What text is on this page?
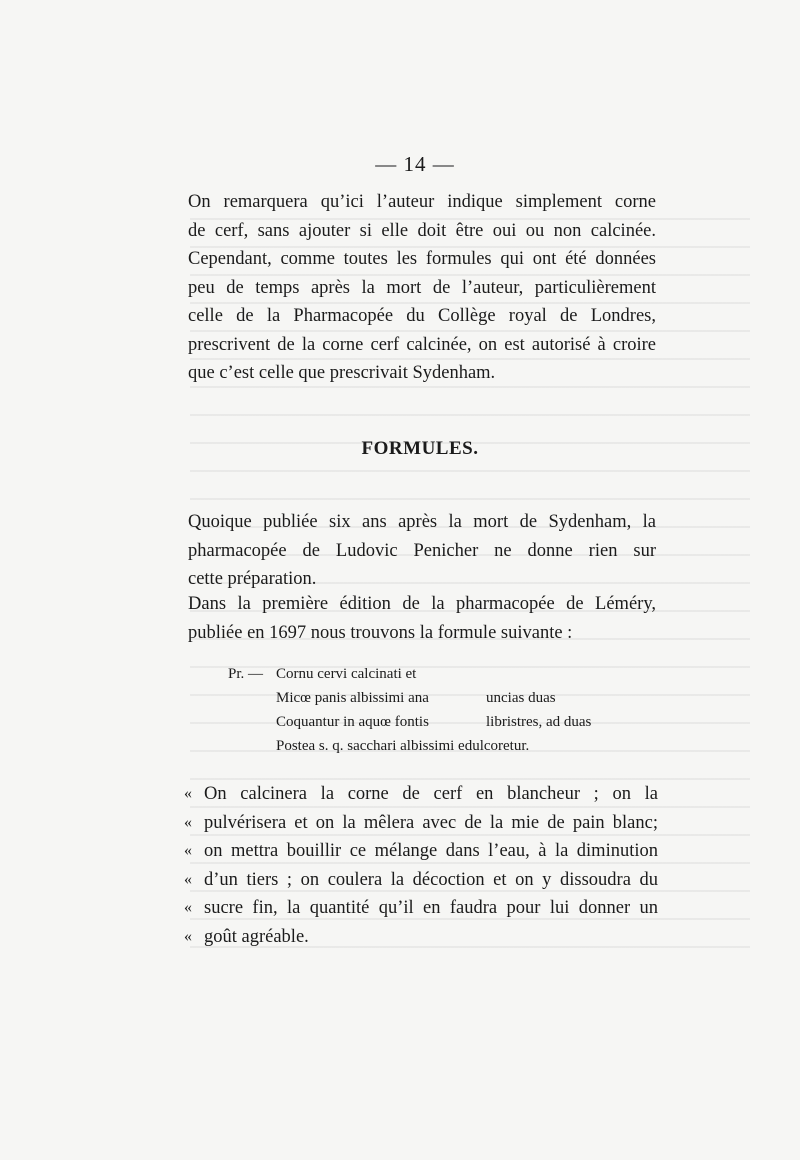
— 14 —
On remarquera qu’ici l’auteur indique simplement corne
de cerf, sans ajouter si elle doit être oui ou non calcinée.
Cependant, comme toutes les formules qui ont été données
peu de temps après la mort de l’auteur, particulièrement
celle de la Pharmacopée du Collège royal de Londres,
prescrivent de la corne cerf calcinée, on est autorisé à croire
que c’est celle que prescrivait Sydenham.
FORMULES.
Quoique publiée six ans après la mort de Sydenham, la
pharmacopée de Ludovic Penicher ne donne rien sur
cette préparation.
Dans la première édition de la pharmacopée de Léméry,
publiée en 1697 nous trouvons la formule suivante :
Pr. — Cornu cervi calcinati et
Micœ panis albissimi ana	uncias duas
Coquantur in aquœ fontis	libristres, ad duas
Postea s. q. sacchari albissimi edulcoretur.
« On calcinera la corne de cerf en blancheur ; on la
« pulvérisera et on la mêlera avec de la mie de pain blanc;
« on mettra bouillir ce mélange dans l’eau, à la diminution
« d’un tiers ; on coulera la décoction et on y dissoudra du
« sucre fin, la quantité qu’il en faudra pour lui donner un
« goût agréable.
